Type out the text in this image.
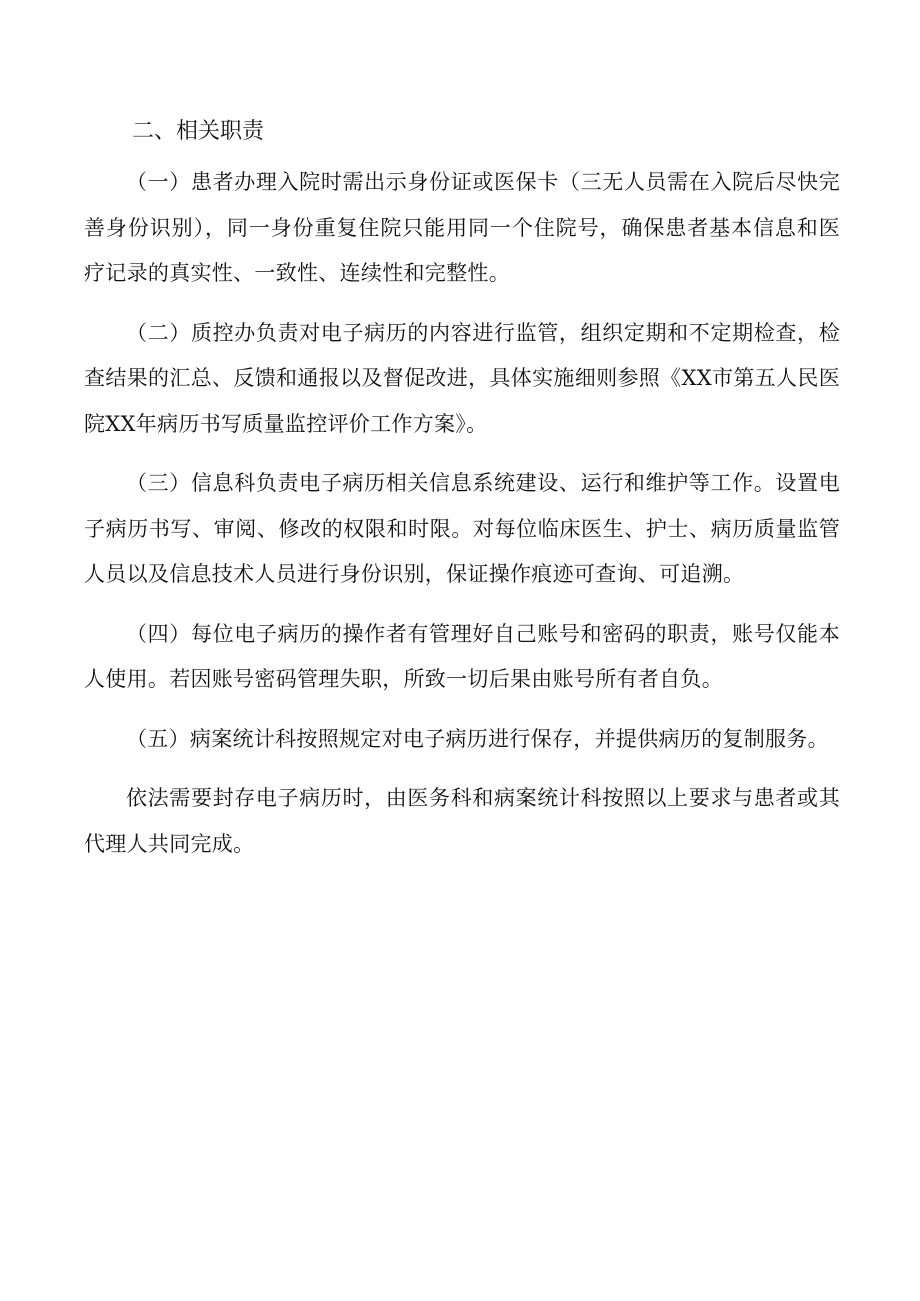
二、相关职责

（一）患者办理入院时需出示身份证或医保卡（三无人员需在入院后尽快完善身份识别），同一身份重复住院只能用同一个住院号，确保患者基本信息和医疗记录的真实性、一致性、连续性和完整性。

（二）质控办负责对电子病历的内容进行监管，组织定期和不定期检查，检查结果的汇总、反馈和通报以及督促改进，具体实施细则参照《XX市第五人民医院XX年病历书写质量监控评价工作方案》。

（三）信息科负责电子病历相关信息系统建设、运行和维护等工作。设置电子病历书写、审阅、修改的权限和时限。对每位临床医生、护士、病历质量监管人员以及信息技术人员进行身份识别，保证操作痕迹可查询、可追溯。

（四）每位电子病历的操作者有管理好自己账号和密码的职责，账号仅能本人使用。若因账号密码管理失职，所致一切后果由账号所有者自负。

（五）病案统计科按照规定对电子病历进行保存，并提供病历的复制服务。

依法需要封存电子病历时，由医务科和病案统计科按照以上要求与患者或其代理人共同完成。
